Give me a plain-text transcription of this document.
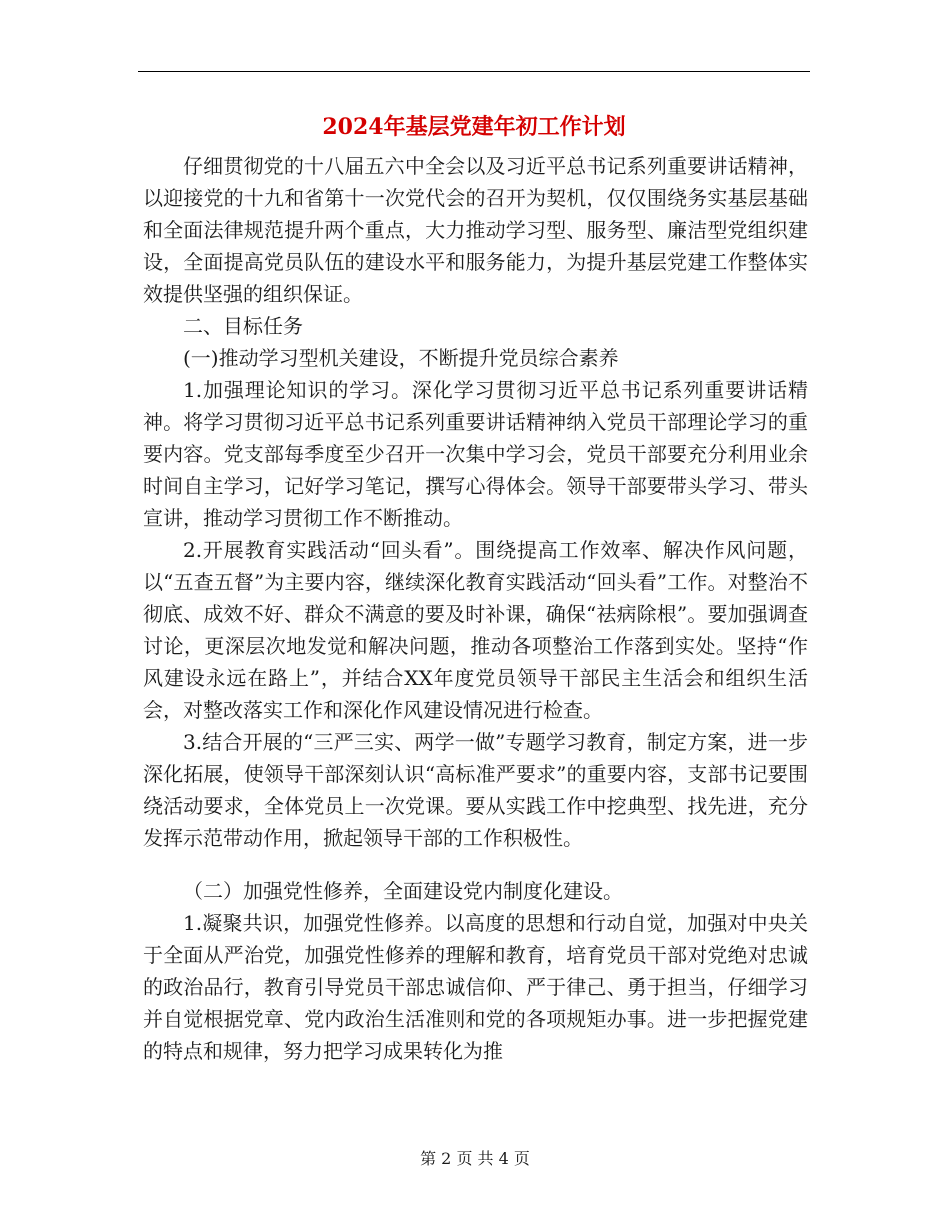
2024年基层党建年初工作计划

仔细贯彻党的十八届五六中全会以及习近平总书记系列重要讲话精神，以迎接党的十九和省第十一次党代会的召开为契机，仅仅围绕务实基层基础和全面法律规范提升两个重点，大力推动学习型、服务型、廉洁型党组织建设，全面提高党员队伍的建设水平和服务能力，为提升基层党建工作整体实效提供坚强的组织保证。

二、目标任务

(一)推动学习型机关建设，不断提升党员综合素养

1.加强理论知识的学习。深化学习贯彻习近平总书记系列重要讲话精神。将学习贯彻习近平总书记系列重要讲话精神纳入党员干部理论学习的重要内容。党支部每季度至少召开一次集中学习会，党员干部要充分利用业余时间自主学习，记好学习笔记，撰写心得体会。领导干部要带头学习、带头宣讲，推动学习贯彻工作不断推动。

2.开展教育实践活动“回头看”。围绕提高工作效率、解决作风问题，以“五查五督”为主要内容，继续深化教育实践活动“回头看”工作。对整治不彻底、成效不好、群众不满意的要及时补课，确保“祛病除根”。要加强调查讨论，更深层次地发觉和解决问题，推动各项整治工作落到实处。坚持“作风建设永远在路上”，并结合XX年度党员领导干部民主生活会和组织生活会，对整改落实工作和深化作风建设情况进行检查。

3.结合开展的“三严三实、两学一做”专题学习教育，制定方案，进一步深化拓展，使领导干部深刻认识“高标准严要求”的重要内容，支部书记要围绕活动要求，全体党员上一次党课。要从实践工作中挖典型、找先进，充分发挥示范带动作用，掀起领导干部的工作积极性。

（二）加强党性修养，全面建设党内制度化建设。

1.凝聚共识，加强党性修养。以高度的思想和行动自觉，加强对中央关于全面从严治党，加强党性修养的理解和教育，培育党员干部对党绝对忠诚的政治品行，教育引导党员干部忠诚信仰、严于律己、勇于担当，仔细学习并自觉根据党章、党内政治生活准则和党的各项规矩办事。进一步把握党建的特点和规律，努力把学习成果转化为推

第 2 页 共 4 页
